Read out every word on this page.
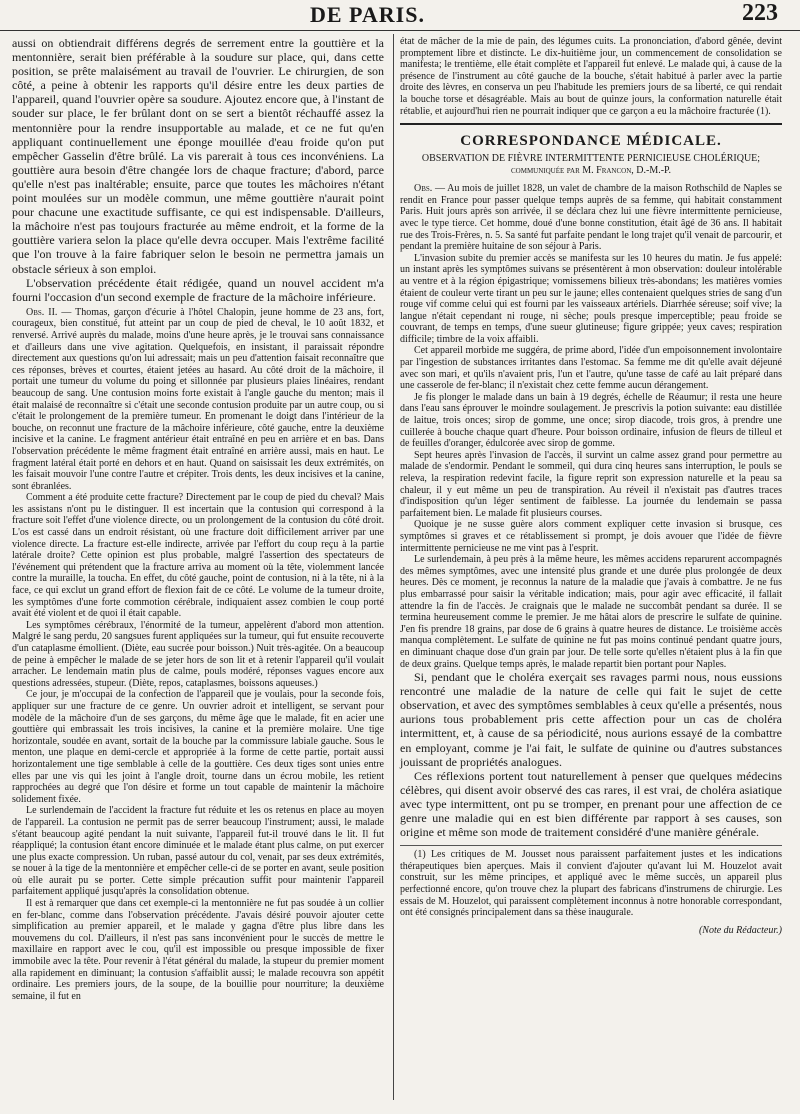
DE PARIS.	223

aussi on obtiendrait différens degrés de serrement entre la gouttière et la mentonnière, serait bien préférable à la soudure sur place, qui, dans cette position, se prête malaisément au travail de l'ouvrier. Le chirurgien, de son côté, a peine à obtenir les rapports qu'il désire entre les deux parties de l'appareil, quand l'ouvrier opère sa soudure. Ajoutez encore que, à l'instant de souder sur place, le fer brûlant dont on se sert a bientôt réchauffé assez la mentonnière pour la rendre insupportable au malade, et ce ne fut qu'en appliquant continuellement une éponge mouillée d'eau froide qu'on put empêcher Gasselin d'être brûlé. La vis parerait à tous ces inconvéniens. La gouttière aura besoin d'être changée lors de chaque fracture; d'abord, parce qu'elle n'est pas inaltérable; ensuite, parce que toutes les mâchoires n'étant point moulées sur un modèle commun, une même gouttière n'aurait point pour chacune une exactitude suffisante, ce qui est indispensable. D'ailleurs, la mâchoire n'est pas toujours fracturée au même endroit, et la forme de la gouttière variera selon la place qu'elle devra occuper. Mais l'extrême facilité que l'on trouve à la faire fabriquer selon le besoin ne permettra jamais un obstacle sérieux à son emploi.

L'observation précédente était rédigée, quand un nouvel accident m'a fourni l'occasion d'un second exemple de fracture de la mâchoire inférieure.

Obs. II. — Thomas, garçon d'écurie à l'hôtel Chalopin, jeune homme de 23 ans, fort, courageux, bien constitué, fut atteint par un coup de pied de cheval, le 10 août 1832, et renversé. Arrivé auprès du malade, moins d'une heure après, je le trouvai sans connaissance et d'ailleurs dans une vive agitation. Quelquefois, en insistant, il paraissait répondre directement aux questions qu'on lui adressait; mais un peu d'attention faisait reconnaître que ces réponses, brèves et courtes, étaient jetées au hasard. Au côté droit de la mâchoire, il portait une tumeur du volume du poing et sillonnée par plusieurs plaies linéaires, rendant beaucoup de sang. Une contusion moins forte existait à l'angle gauche du menton; mais il était malaisé de reconnaître si c'était une seconde contusion produite par un autre coup, ou si c'était le prolongement de la première tumeur. En promenant le doigt dans l'intérieur de la bouche, on reconnut une fracture de la mâchoire inférieure, côté gauche, entre la deuxième incisive et la canine. Le fragment antérieur était entraîné en peu en arrière et en bas. Dans l'observation précédente le même fragment était entraîné en arrière aussi, mais en haut. Le fragment latéral était porté en dehors et en haut. Quand on saisissait les deux extrémités, on les faisait mouvoir l'une contre l'autre et crépiter. Trois dents, les deux incisives et la canine, sont ébranlées.

Comment a été produite cette fracture? Directement par le coup de pied du cheval? Mais les assistans n'ont pu le distinguer. Il est incertain que la contusion qui correspond à la fracture soit l'effet d'une violence directe, ou un prolongement de la contusion du côté droit. L'os est cassé dans un endroit résistant, où une fracture doit difficilement arriver par une violence directe. La fracture est-elle indirecte, arrivée par l'effort du coup reçu à la partie latérale droite? Cette opinion est plus probable, malgré l'assertion des spectateurs de l'événement qui prétendent que la fracture arriva au moment où la tête, violemment lancée contre la muraille, la toucha. En effet, du côté gauche, point de contusion, ni à la tête, ni à la face, ce qui exclut un grand effort de flexion fait de ce côté. Le volume de la tumeur droite, les symptômes d'une forte commotion cérébrale, indiquaient assez combien le coup porté avait été violent et de quoi il était capable.

Les symptômes cérébraux, l'énormité de la tumeur, appelèrent d'abord mon attention. Malgré le sang perdu, 20 sangsues furent appliquées sur la tumeur, qui fut ensuite recouverte d'un cataplasme émollient. (Diète, eau sucrée pour boisson.) Nuit très-agitée. On a beaucoup de peine à empêcher le malade de se jeter hors de son lit et à retenir l'appareil qu'il voulait arracher. Le lendemain matin plus de calme, pouls modéré, réponses vagues encore aux questions adressées, stupeur. (Diète, repos, cataplasmes, boissons aqueuses.)

Ce jour, je m'occupai de la confection de l'appareil que je voulais, pour la seconde fois, appliquer sur une fracture de ce genre. Un ouvrier adroit et intelligent, se servant pour modèle de la mâchoire d'un de ses garçons, du même âge que le malade, fit en acier une gouttière qui embrassait les trois incisives, la canine et la première molaire. Une tige horizontale, soudée en avant, sortait de la bouche par la commissure labiale gauche. Sous le menton, une plaque en demi-cercle et appropriée à la forme de cette partie, portait aussi horizontalement une tige semblable à celle de la gouttière. Ces deux tiges sont unies entre elles par une vis qui les joint à l'angle droit, tourne dans un écrou mobile, les retient rapprochées au degré que l'on désire et forme un tout capable de maintenir la mâchoire solidement fixée.

Le surlendemain de l'accident la fracture fut réduite et les os retenus en place au moyen de l'appareil. La contusion ne permit pas de serrer beaucoup l'instrument; aussi, le malade s'étant beaucoup agité pendant la nuit suivante, l'appareil fut-il trouvé dans le lit. Il fut réappliqué; la contusion étant encore diminuée et le malade étant plus calme, on put exercer une plus exacte compression. Un ruban, passé autour du col, venait, par ses deux extrémités, se nouer à la tige de la mentonnière et empêcher celle-ci de se porter en avant, seule position où elle aurait pu se porter. Cette simple précaution suffit pour maintenir l'appareil parfaitement appliqué jusqu'après la consolidation obtenue.

Il est à remarquer que dans cet exemple-ci la mentonnière ne fut pas soudée à un collier en fer-blanc, comme dans l'observation précédente. J'avais désiré pouvoir ajouter cette simplification au premier appareil, et le malade y gagna d'être plus libre dans les mouvemens du col. D'ailleurs, il n'est pas sans inconvénient pour le succès de mettre le maxillaire en rapport avec le cou, qu'il est impossible ou presque impossible de fixer immobile avec la tête. Pour revenir à l'état général du malade, la stupeur du premier moment alla rapidement en diminuant; la contusion s'affaiblit aussi; le malade recouvra son appétit ordinaire. Les premiers jours, de la soupe, de la bouillie pour nourriture; la deuxième semaine, il fut en

état de mâcher de la mie de pain, des légumes cuits. La prononciation, d'abord gênée, devint promptement libre et distincte. Le dix-huitième jour, un commencement de consolidation se manifesta; le trentième, elle était complète et l'appareil fut enlevé. Le malade qui, à cause de la présence de l'instrument au côté gauche de la bouche, s'était habitué à parler avec la partie droite des lèvres, en conserva un peu l'habitude les premiers jours de sa liberté, ce qui rendait la bouche torse et désagréable. Mais au bout de quinze jours, la conformation naturelle était rétablie, et aujourd'hui rien ne pourrait indiquer que ce garçon a eu la mâchoire fracturée (1).

CORRESPONDANCE MÉDICALE.
OBSERVATION DE FIÈVRE INTERMITTENTE PERNICIEUSE CHOLÉRIQUE; communiquée par M. Francon, D.-M.-P.

Obs. — Au mois de juillet 1828, un valet de chambre de la maison Rothschild de Naples se rendit en France pour passer quelque temps auprès de sa femme, qui habitait constamment Paris. Huit jours après son arrivée, il se déclara chez lui une fièvre intermittente pernicieuse, avec le type tierce. Cet homme, doué d'une bonne constitution, était âgé de 36 ans. Il habitait rue des Trois-Frères, n. 5. Sa santé fut parfaite pendant le long trajet qu'il venait de parcourir, et pendant la première huitaine de son séjour à Paris.

L'invasion subite du premier accès se manifesta sur les 10 heures du matin. Je fus appelé: un instant après les symptômes suivans se présentèrent à mon observation: douleur intolérable au ventre et à la région épigastrique; vomissemens bilieux très-abondans; les matières vomies étaient de couleur verte tirant un peu sur le jaune; elles contenaient quelques stries de sang d'un rouge vif comme celui qui est fourni par les vaisseaux artériels. Diarrhée séreuse; soif vive; la langue n'était cependant ni rouge, ni sèche; pouls presque imperceptible; peau froide se couvrant, de temps en temps, d'une sueur glutineuse; figure grippée; yeux caves; respiration difficile; timbre de la voix affaibli.

Cet appareil morbide me suggéra, de prime abord, l'idée d'un empoisonnement involontaire par l'ingestion de substances irritantes dans l'estomac. Sa femme me dit qu'elle avait déjeuné avec son mari, et qu'ils n'avaient pris, l'un et l'autre, qu'une tasse de café au lait préparé dans une casserole de fer-blanc; il n'existait chez cette femme aucun dérangement.

Je fis plonger le malade dans un bain à 19 degrés, échelle de Réaumur; il resta une heure dans l'eau sans éprouver le moindre soulagement. Je prescrivis la potion suivante: eau distillée de laitue, trois onces; sirop de gomme, une once; sirop diacode, trois gros, à prendre une cuillerée à bouche chaque quart d'heure. Pour boisson ordinaire, infusion de fleurs de tilleul et de feuilles d'oranger, édulcorée avec sirop de gomme.

Sept heures après l'invasion de l'accès, il survint un calme assez grand pour permettre au malade de s'endormir. Pendant le sommeil, qui dura cinq heures sans interruption, le pouls se releva, la respiration redevint facile, la figure reprit son expression naturelle et la peau sa chaleur, il y eut même un peu de transpiration. Au réveil il n'existait pas d'autres traces d'indisposition qu'un léger sentiment de faiblesse. La journée du lendemain se passa parfaitement bien. Le malade fit plusieurs courses.

Quoique je ne susse guère alors comment expliquer cette invasion si brusque, ces symptômes si graves et ce rétablissement si prompt, je dois avouer que l'idée de fièvre intermittente pernicieuse ne me vint pas à l'esprit.

Le surlendemain, à peu près à la même heure, les mêmes accidens reparurent accompagnés des mêmes symptômes, avec une intensité plus grande et une durée plus prolongée de deux heures. Dès ce moment, je reconnus la nature de la maladie que j'avais à combattre. Je ne fus plus embarrassé pour saisir la véritable indication; mais, pour agir avec efficacité, il fallait attendre la fin de l'accès. Je craignais que le malade ne succombât pendant sa durée. Il se termina heureusement comme le premier. Je me hâtai alors de prescrire le sulfate de quinine. J'en fis prendre 18 grains, par dose de 6 grains à quatre heures de distance. Le troisième accès manqua complètement. Le sulfate de quinine ne fut pas moins continué pendant quatre jours, en diminuant chaque dose d'un grain par jour. De telle sorte qu'elles n'étaient plus à la fin que de deux grains. Quelque temps après, le malade repartit bien portant pour Naples.

Si, pendant que le choléra exerçait ses ravages parmi nous, nous eussions rencontré une maladie de la nature de celle qui fait le sujet de cette observation, et avec des symptômes semblables à ceux qu'elle a présentés, nous aurions tous probablement pris cette affection pour un cas de choléra intermittent, et, à cause de sa périodicité, nous aurions essayé de la combattre en employant, comme je l'ai fait, le sulfate de quinine ou d'autres substances jouissant de propriétés analogues.

Ces réflexions portent tout naturellement à penser que quelques médecins célèbres, qui disent avoir observé des cas rares, il est vrai, de choléra asiatique avec type intermittent, ont pu se tromper, en prenant pour une affection de ce genre une maladie qui en est bien différente par rapport à ses causes, son origine et même son mode de traitement considéré d'une manière générale.

(1) Les critiques de M. Jousset nous paraissent parfaitement justes et les indications thérapeutiques bien aperçues. Mais il convient d'ajouter qu'avant lui M. Houzelot avait construit, sur les même principes, et appliqué avec le même succès, un appareil plus perfectionné encore, qu'on trouve chez la plupart des fabricans d'instrumens de chirurgie. Les essais de M. Houzelot, qui paraissent complètement inconnus à notre honorable correspondant, ont été consignés principalement dans sa thèse inaugurale.

(Note du Rédacteur.)
